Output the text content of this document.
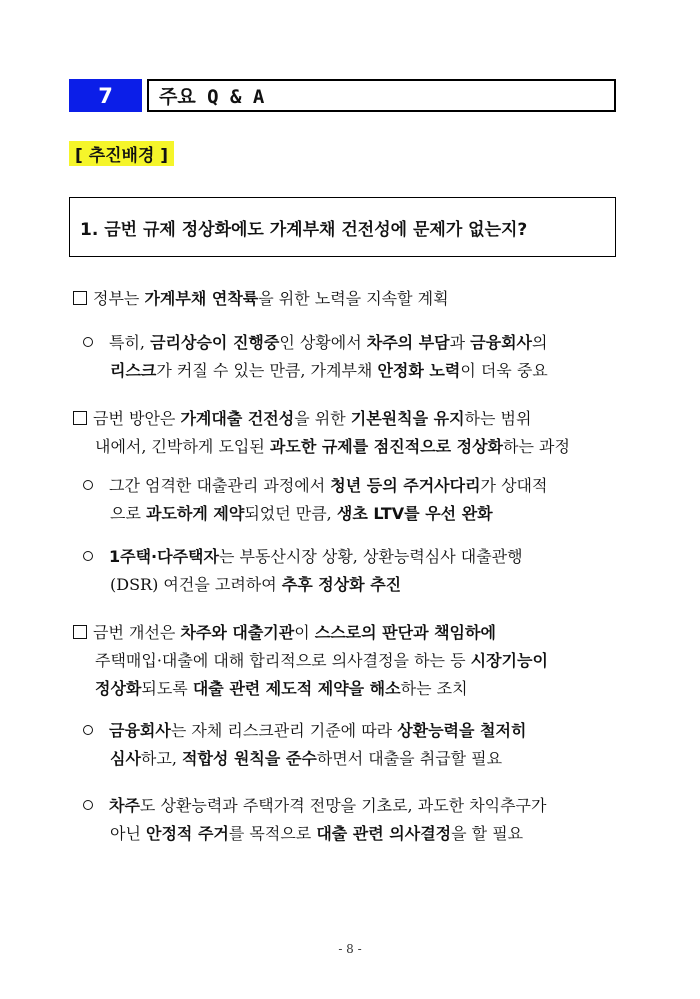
7	주요 Q & A
[ 추진배경 ]
1. 금번 규제 정상화에도 가계부채 건전성에 문제가 없는지?
정부는 가계부채 연착륙을 위한 노력을 지속할 계획
특히, 금리상승이 진행중인 상황에서 차주의 부담과 금융회사의
리스크가 커질 수 있는 만큼, 가계부채 안정화 노력이 더욱 중요
금번 방안은 가계대출 건전성을 위한 기본원칙을 유지하는 범위
내에서, 긴박하게 도입된 과도한 규제를 점진적으로 정상화하는 과정
그간 엄격한 대출관리 과정에서 청년 등의 주거사다리가 상대적
으로 과도하게 제약되었던 만큼, 생초 LTV를 우선 완화
1주택·다주택자는 부동산시장 상황, 상환능력심사 대출관행
(DSR) 여건을 고려하여 추후 정상화 추진
금번 개선은 차주와 대출기관이 스스로의 판단과 책임하에
주택매입·대출에 대해 합리적으로 의사결정을 하는 등 시장기능이
정상화되도록 대출 관련 제도적 제약을 해소하는 조치
금융회사는 자체 리스크관리 기준에 따라 상환능력을 철저히
심사하고, 적합성 원칙을 준수하면서 대출을 취급할 필요
차주도 상환능력과 주택가격 전망을 기초로, 과도한 차익추구가
아닌 안정적 주거를 목적으로 대출 관련 의사결정을 할 필요
- 8 -
